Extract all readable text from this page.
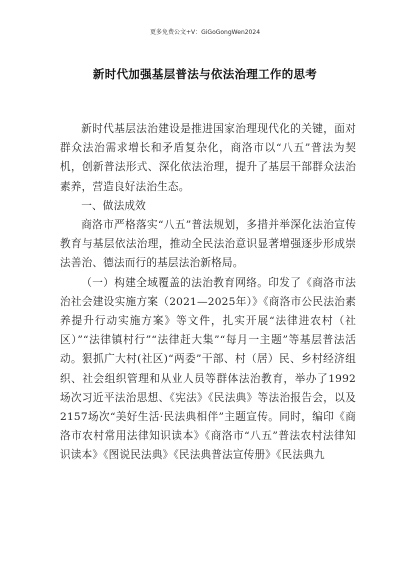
更多免费公文+V：GiGoGongWen2024
新时代加强基层普法与依法治理工作的思考

新时代基层法治建设是推进国家治理现代化的关键，面对群众法治需求增长和矛盾复杂化，商洛市以“八五”普法为契机，创新普法形式、深化依法治理，提升了基层干部群众法治素养，营造良好法治生态。

一、做法成效

商洛市严格落实“八五”普法规划，多措并举深化法治宣传教育与基层依法治理，推动全民法治意识显著增强逐步形成崇法善治、德法而行的基层法治新格局。

（一）构建全域覆盖的法治教育网络。印发了《商洛市法治社会建设实施方案（2021—2025年）》《商洛市公民法治素养提升行动实施方案》等文件，扎实开展“法律进农村（社区）”“法律镇村行”“法律赶大集”“每月一主题”等基层普法活动。狠抓广大村(社区)“两委”干部、村（居）民、乡村经济组织、社会组织管理和从业人员等群体法治教育，举办了1992场次习近平法治思想、《宪法》《民法典》等法治报告会，以及2157场次“美好生活·民法典相伴”主题宣传。同时，编印《商洛市农村常用法律知识读本》《商洛市“八五”普法农村法律知识读本》《图说民法典》《民法典普法宣传册》《民法典九
